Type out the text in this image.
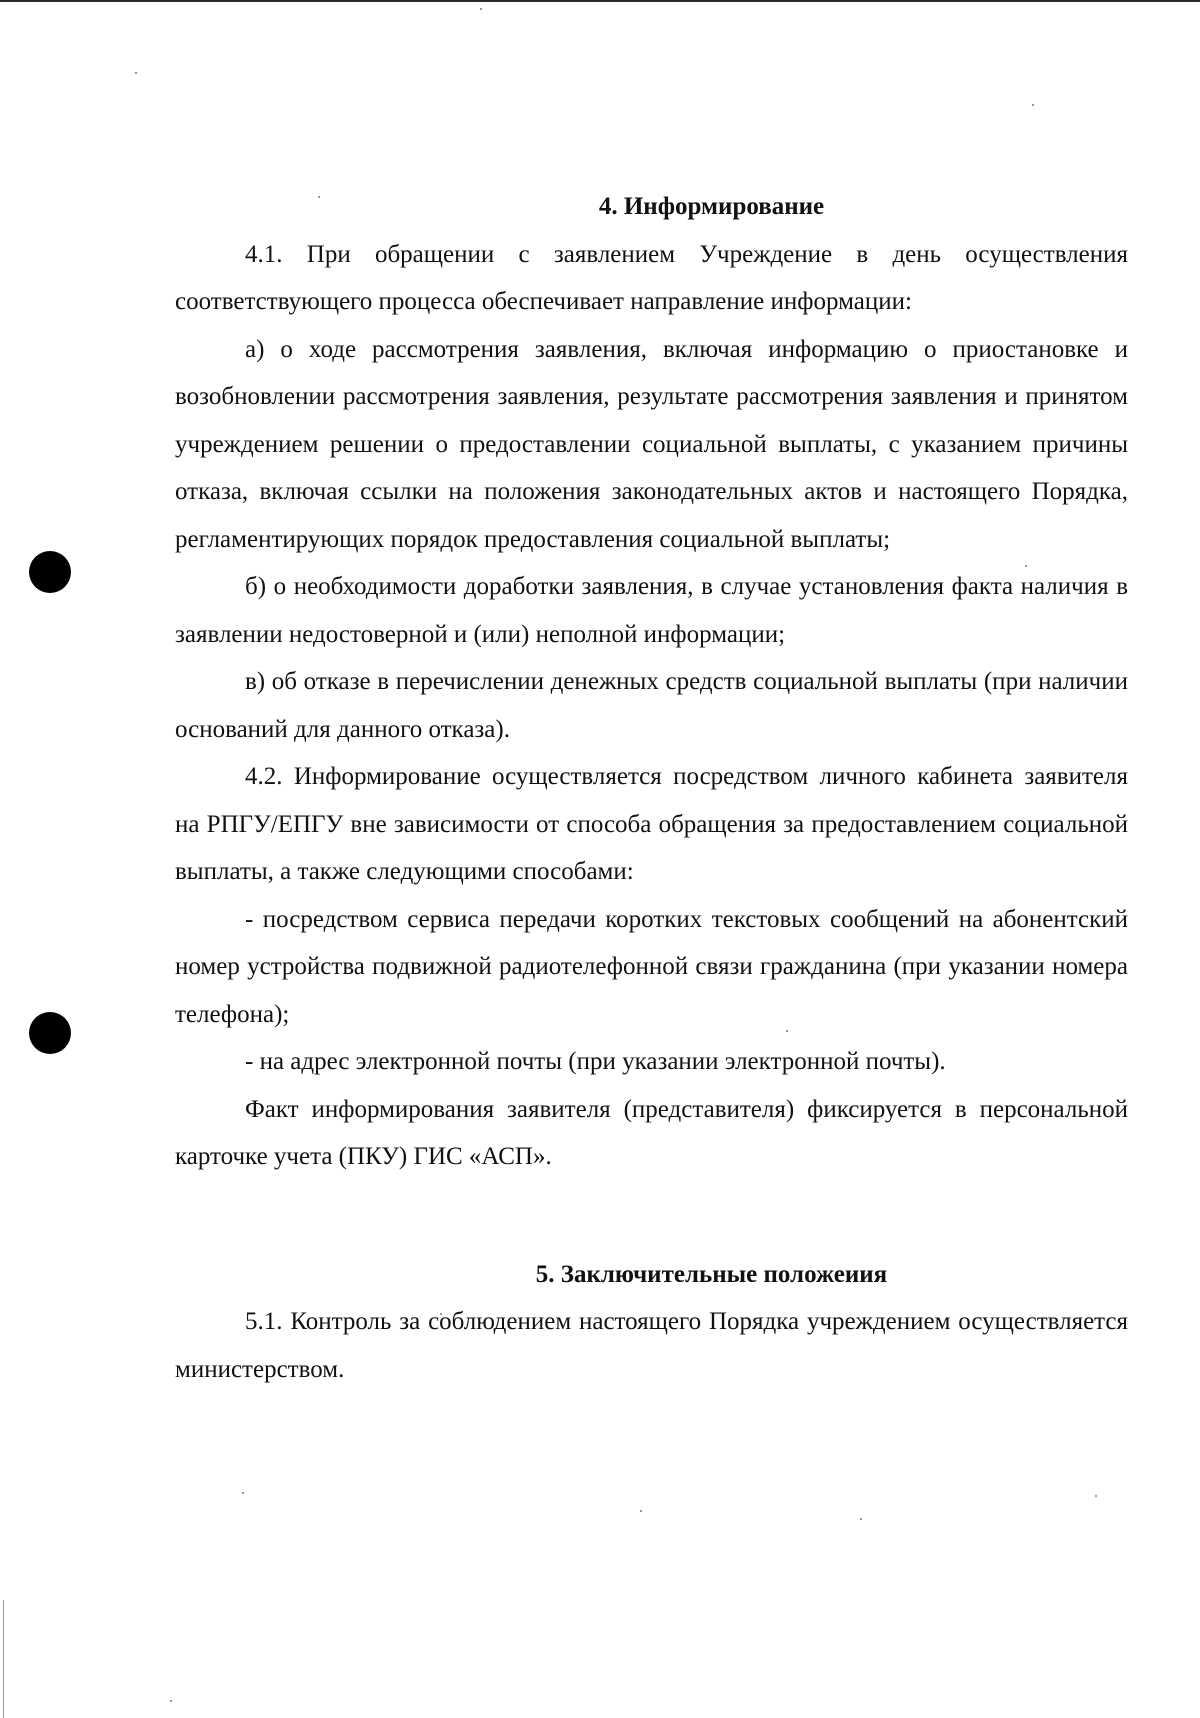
4. Информирование

4.1. При обращении с заявлением Учреждение в день осуществления соответствующего процесса обеспечивает направление информации:

а) о ходе рассмотрения заявления, включая информацию о приостановке и возобновлении рассмотрения заявления, результате рассмотрения заявления и принятом учреждением решении о предоставлении социальной выплаты, с указанием причины отказа, включая ссылки на положения законодательных актов и настоящего Порядка, регламентирующих порядок предоставления социальной выплаты;

б) о необходимости доработки заявления, в случае установления факта наличия в заявлении недостоверной и (или) неполной информации;

в) об отказе в перечислении денежных средств социальной выплаты (при наличии оснований для данного отказа).

4.2. Информирование осуществляется посредством личного кабинета заявителя на РПГУ/ЕПГУ вне зависимости от способа обращения за предоставлением социальной выплаты, а также следующими способами:

- посредством сервиса передачи коротких текстовых сообщений на абонентский номер устройства подвижной радиотелефонной связи гражданина (при указании номера телефона);

- на адрес электронной почты (при указании электронной почты).

Факт информирования заявителя (представителя) фиксируется в персональной карточке учета (ПКУ) ГИС «АСП».

5. Заключительные положеиия

5.1. Контроль за соблюдением настоящего Порядка учреждением осуществляется министерством.
